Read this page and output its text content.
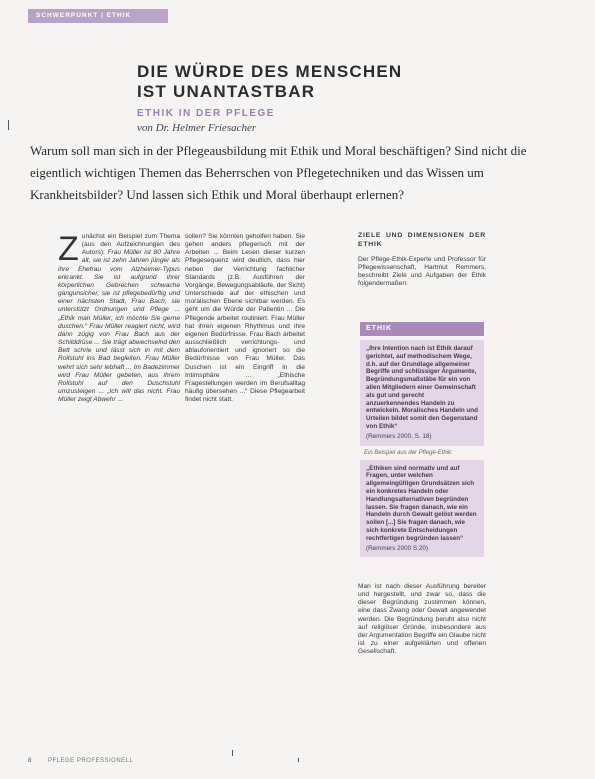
SCHWERPUNKT | ETHIK
DIE WÜRDE DES MENSCHEN
IST UNANTASTBAR
ETHIK IN DER PFLEGE
von Dr. Helmer Friesacher
Warum soll man sich in der Pflegeausbildung mit Ethik und Moral beschäftigen? Sind nicht die eigentlich wichtigen Themen das Beherrschen von Pflegetechniken und das Wissen um Krankheitsbilder? Und lassen sich Ethik und Moral überhaupt erlernen?
Z unächst ein Beispiel zum Thema (aus den Aufzeichnungen des Autors): Frau Müller ist 80 Jahre alt, sie ist zehn Jahren jünger als ihre Ehefrau vom Alzheimer-Typus erkrankt. Sie ist aufgrund ihrer körperlichen Gebrechen schwache gangunsicher, sie ist pflegebedürftig und einer nächsten Stadt, Frau Bach, sie unterstützt Ordnungen und Pflege ... „Ethik man Müller, ich möchte Sie gerne duschen.“ Frau Müller reagiert nicht, wird dann zügig von Frau Bach aus der Schilddrüse ... Sie trägt abwechselnd den Bett schrie und lässt sich in mit dem Rollstuhl ins Bad begleiten. Frau Müller wehrt sich sehr lebhaft ... Im Badezimmer wird Frau Müller gebeten, aus ihrem Rollstuhl auf den Duschstuhl umzusteigen ... „Ich will das nicht. Frau Müller zeigt Abwehr ...
sollen? Sie könnten geholfen haben. Sie gehen anders pflegerisch mit der Arbeiten ... Beim Lesen dieser kurzen Pflegesequenz wird deutlich, dass hier neben der Verrichtung fachlicher Standards (z.B. Ausführen der Vorgänge, Bewegungsabläufe, der Sicht) Unterschiede auf der ethischen und moralischen Ebene sichtbar werden. Es geht um die Würde der Patientin ... Die Pflegende arbeitet routiniert. Frau Müller hat ihren eigenen Rhythmus und ihre eigenen Bedürfnisse. Frau Bach arbeitet ausschließlich verrichtungs- und ablauforientiert und ignoriert so die Bedürfnisse von Frau Müller. Das Duschen ist ein Eingriff in die Intimsphäre ... „Ethische Fragestellungen werden im Berufsalltag häufig übersehen ...“ Diese Pflegearbeit findet nicht statt.
ZIELE UND DIMENSIONEN DER ETHIK
Der Pflege-Ethik-Experte und Professor für Pflegewissenschaft, Hartmut Remmers, beschreibt Ziele und Aufgaben der Ethik folgendermaßen:
ETHIK
„Ihre Intention nach ist Ethik darauf gerichtet, auf methodischem Wege, d.h. auf der Grundlage allgemeiner Begriffe und schlüssiger Argumente, Begründungsmaßstäbe für ein von allen Mitgliedern einer Gemeinschaft als gut und gerecht anzuerkennendes Handeln zu entwickeln. Moralisches Handeln und Urteilen bildet somit den Gegenstand von Ethik“
(Remmers 2000, S. 18)
Ein Beispiel aus der Pflege-Ethik:
„Ethiken sind normativ und auf Fragen, unter welchen allgemeingültigen Grundsätzen sich ein konkretes Handeln oder Handlungsalternativen begründen lassen. Sie fragen danach, wie ein Handeln durch Gewalt gelöst werden sollen [...] Sie fragen danach, wie sich konkrete Entscheidungen rechtfertigen begründen lassen“
(Remmers 2000 S.20)
Man ist nach dieser Ausführung bereiter und hergestellt, und zwar so, dass die dieser Begründung zustimmen können, eine dass Zwang oder Gewalt angewendet werden. Die Begründung beruht also nicht auf religiöser Gründe, insbesondere aus der Argumentation Begriffe ein Glaube nicht ist zu einer aufgeklärten und offenen Gesellschaft.
8	PFLEGE PROFESSIONELL
